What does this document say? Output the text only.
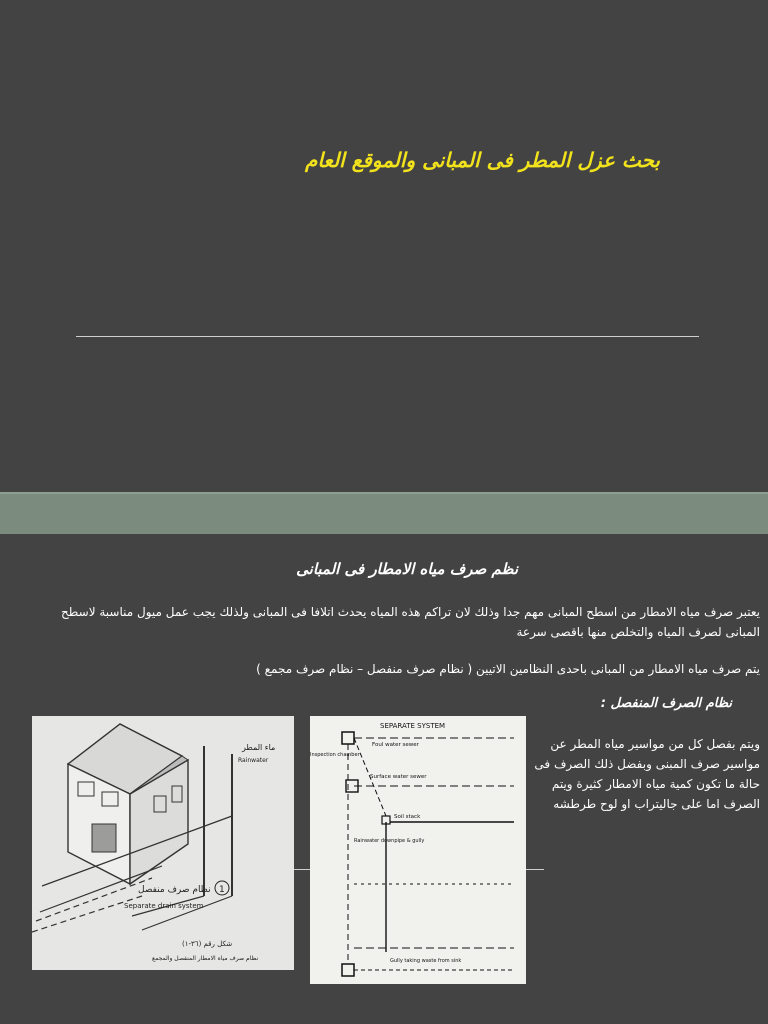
بحث عزل المطر فى المبانى والموقع العام
نظم صرف مياه الامطار فى المبانى
يعتبر صرف مياه الامطار من اسطح المبانى مهم جدا وذلك لان تراكم هذه المياه يحدث اتلافا فى المبانى ولذلك يجب عمل ميول مناسبة لاسطح المبانى لصرف المياه والتخلص منها باقصى سرعة
يتم صرف مياه الامطار من المبانى باحدى النظامين الاتيين ( نظام صرف منفصل – نظام صرف مجمع )
نظام الصرف المنفصل :
ويتم بفصل كل من مواسير مياه المطر عن مواسير صرف المبنى وبفضل ذلك الصرف فى حالة ما تكون كمية مياه الامطار كثيرة ويتم الصرف اما على جاليتراب او لوح طرطشه
ماء المطر
Rainwater
1
نظام صرف منفصل
Separate drain system
شكل رقم (٣٦-١)
نظام صرف مياه الامطار المنفصل والمجمع
SEPARATE SYSTEM
Foul water sewer
Surface water sewer
Soil stack
Rainwater downpipe & gully
Gully taking waste from sink
Inspection chamber
